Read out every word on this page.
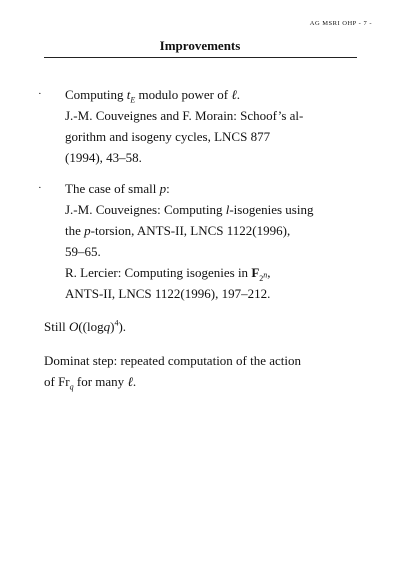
AG MSRI OHP - 7 -
Improvements
· Computing $t_E$ modulo power of ℓ.
J.-M. Couveignes and F. Morain: Schoof’s al-
gorithm and isogeny cycles, LNCS 877
(1994), 43–58.
· The case of small p:
J.-M. Couveignes: Computing l-isogenies using
the p-torsion, ANTS-II, LNCS 1122(1996),
59–65.
R. Lercier: Computing isogenies in $F_{2^n}$,
ANTS-II, LNCS 1122(1996), 197–212.
Still $O((\log q)^4)$.
Dominat step: repeated computation of the action
of $Fr_q$ for many ℓ.
